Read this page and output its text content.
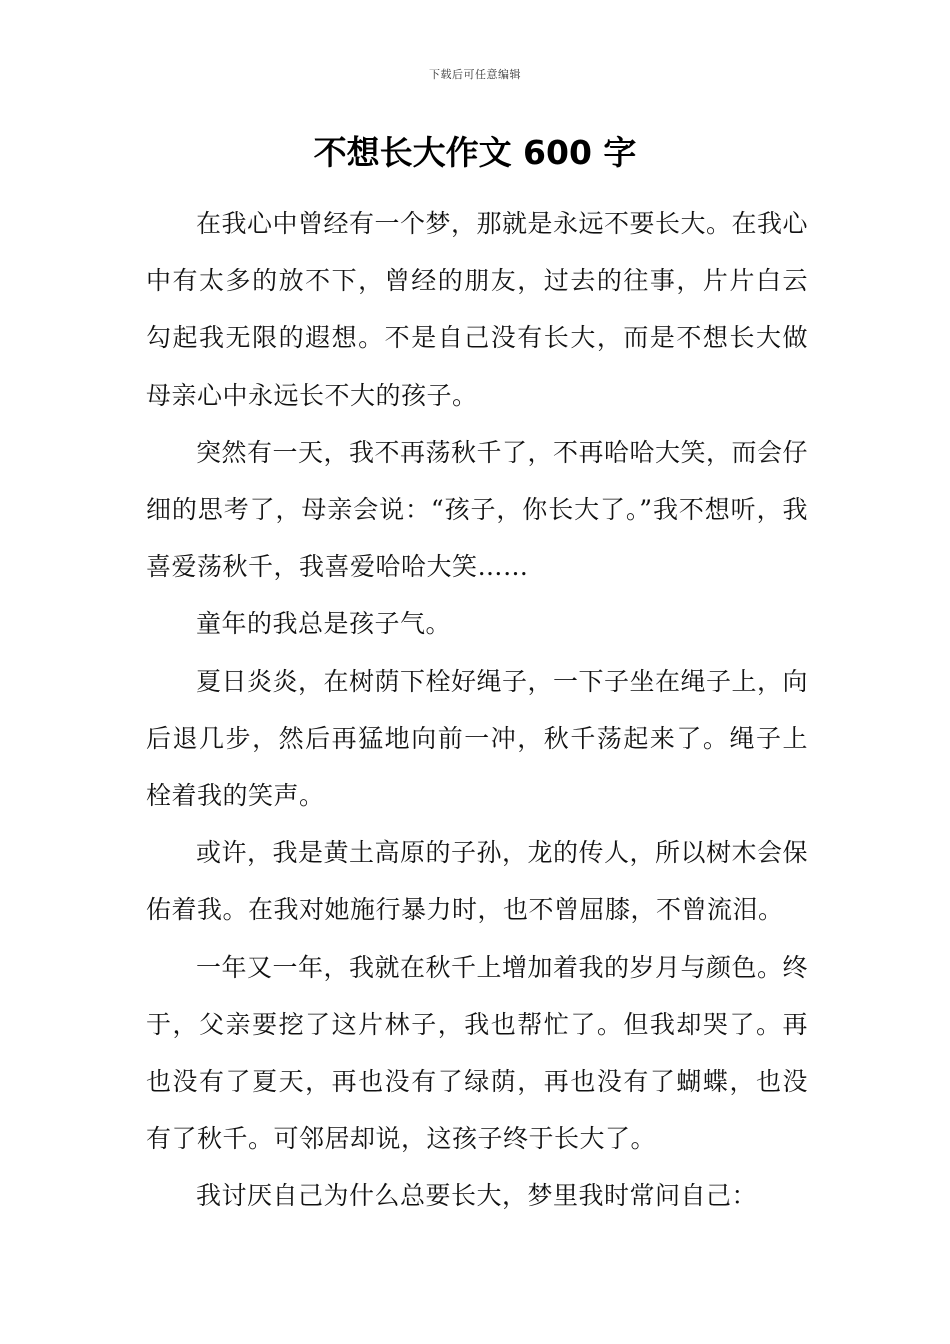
下载后可任意编辑
不想长大作文 600 字

在我心中曾经有一个梦，那就是永远不要长大。在我心中有太多的放不下，曾经的朋友，过去的往事，片片白云勾起我无限的遐想。不是自己没有长大，而是不想长大做母亲心中永远长不大的孩子。

突然有一天，我不再荡秋千了，不再哈哈大笑，而会仔细的思考了，母亲会说：“孩子，你长大了。”我不想听，我喜爱荡秋千，我喜爱哈哈大笑……

童年的我总是孩子气。

夏日炎炎，在树荫下栓好绳子，一下子坐在绳子上，向后退几步，然后再猛地向前一冲，秋千荡起来了。绳子上栓着我的笑声。

或许，我是黄土高原的子孙，龙的传人，所以树木会保佑着我。在我对她施行暴力时，也不曾屈膝，不曾流泪。

一年又一年，我就在秋千上增加着我的岁月与颜色。终于，父亲要挖了这片林子，我也帮忙了。但我却哭了。再也没有了夏天，再也没有了绿荫，再也没有了蝴蝶，也没有了秋千。可邻居却说，这孩子终于长大了。

我讨厌自己为什么总要长大，梦里我时常问自己：
